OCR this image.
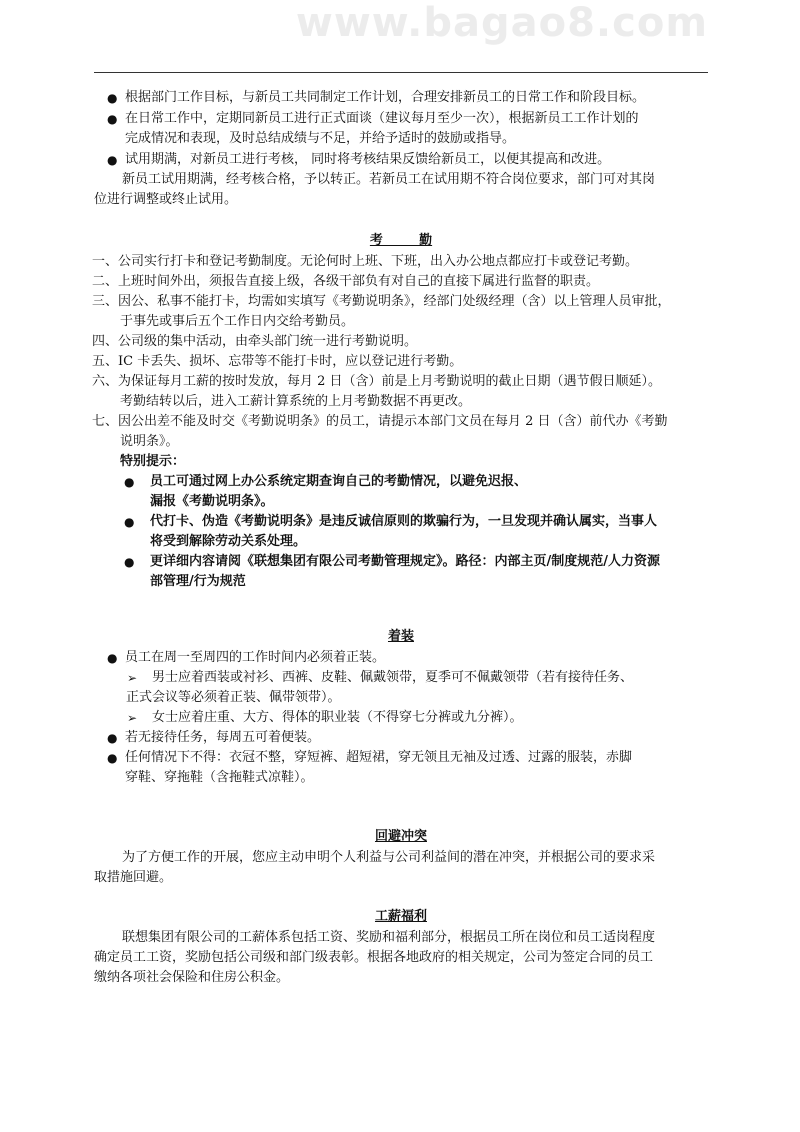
www.bagao8.com
● 根据部门工作目标，与新员工共同制定工作计划，合理安排新员工的日常工作和阶段目标。
● 在日常工作中，定期同新员工进行正式面谈（建议每月至少一次），根据新员工工作计划的
完成情况和表现，及时总结成绩与不足，并给予适时的鼓励或指导。
● 试用期满，对新员工进行考核， 同时将考核结果反馈给新员工，以便其提高和改进。
新员工试用期满，经考核合格，予以转正。若新员工在试用期不符合岗位要求，部门可对其岗
位进行调整或终止试用。
考        勤
一、公司实行打卡和登记考勤制度。无论何时上班、下班，出入办公地点都应打卡或登记考勤。
二、上班时间外出，须报告直接上级，各级干部负有对自己的直接下属进行监督的职责。
三、因公、私事不能打卡，均需如实填写《考勤说明条》，经部门处级经理（含）以上管理人员审批，
于事先或事后五个工作日内交给考勤员。
四、公司级的集中活动，由牵头部门统一进行考勤说明。
五、IC 卡丢失、损坏、忘带等不能打卡时，应以登记进行考勤。
六、为保证每月工薪的按时发放，每月 2 日（含）前是上月考勤说明的截止日期（遇节假日顺延）。
考勤结转以后，进入工薪计算系统的上月考勤数据不再更改。
七、因公出差不能及时交《考勤说明条》的员工，请提示本部门文员在每月 2 日（含）前代办《考勤
说明条》。
特别提示：
● 员工可通过网上办公系统定期查询自己的考勤情况，以避免迟报、
漏报《考勤说明条》。
● 代打卡、伪造《考勤说明条》是违反诚信原则的欺骗行为，一旦发现并确认属实，当事人
将受到解除劳动关系处理。
● 更详细内容请阅《联想集团有限公司考勤管理规定》。路径：内部主页/制度规范/人力资源
部管理/行为规范
着装
● 员工在周一至周四的工作时间内必须着正装。
➢ 男士应着西装或衬衫、西裤、皮鞋、佩戴领带，夏季可不佩戴领带（若有接待任务、
正式会议等必须着正装、佩带领带）。
➢ 女士应着庄重、大方、得体的职业装（不得穿七分裤或九分裤）。
● 若无接待任务，每周五可着便装。
● 任何情况下不得：衣冠不整，穿短裤、超短裙，穿无领且无袖及过透、过露的服装，赤脚
穿鞋、穿拖鞋（含拖鞋式凉鞋）。
回避冲突
为了方便工作的开展，您应主动申明个人利益与公司利益间的潜在冲突，并根据公司的要求采
取措施回避。
工薪福利
联想集团有限公司的工薪体系包括工资、奖励和福利部分，根据员工所在岗位和员工适岗程度
确定员工工资，奖励包括公司级和部门级表彰。根据各地政府的相关规定，公司为签定合同的员工
缴纳各项社会保险和住房公积金。
